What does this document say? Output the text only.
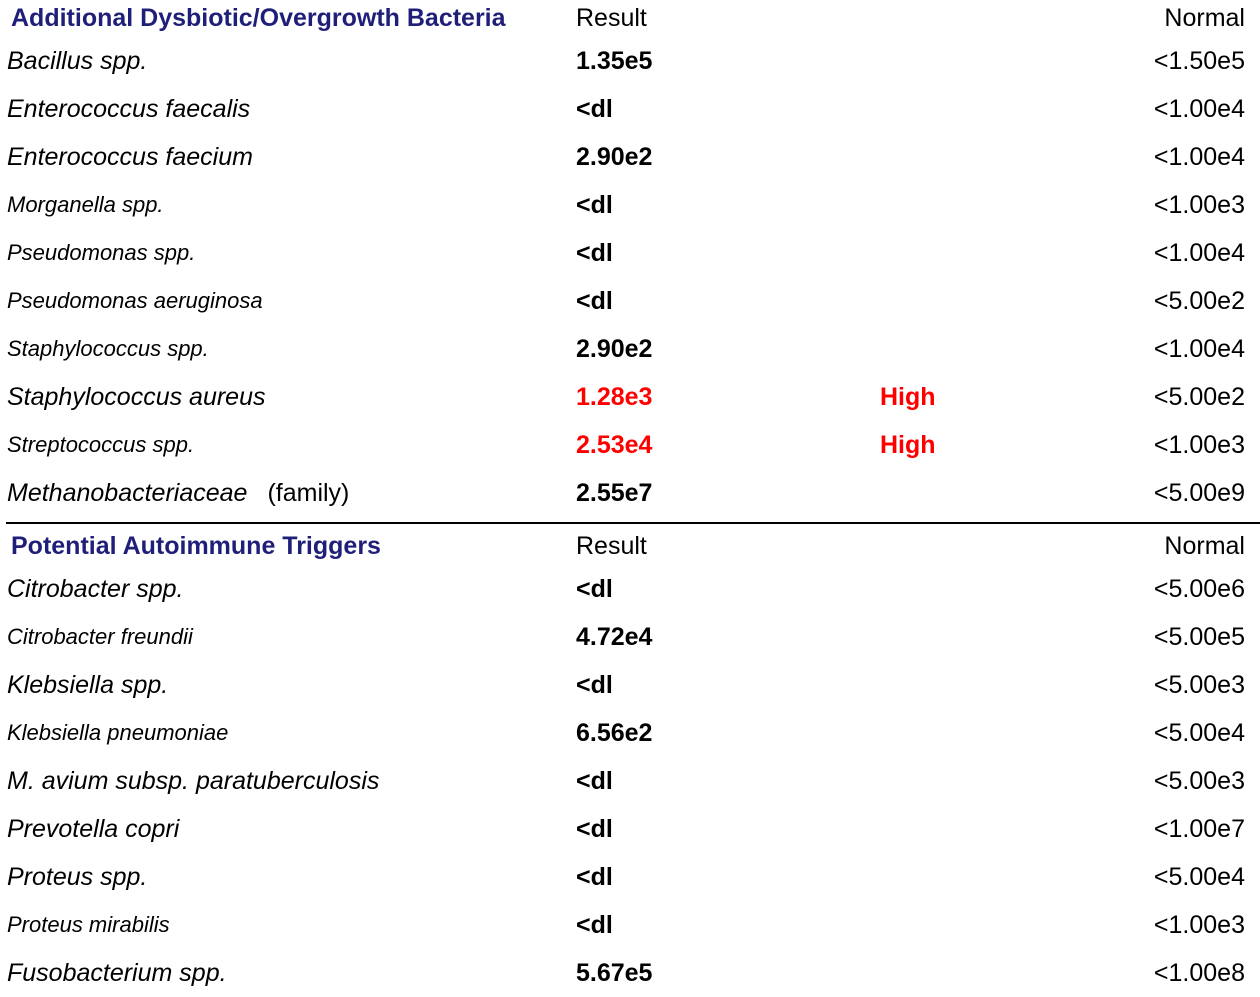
Additional Dysbiotic/Overgrowth Bacteria	Result	Normal
Bacillus spp.	1.35e5	<1.50e5
Enterococcus faecalis	<dl	<1.00e4
Enterococcus faecium	2.90e2	<1.00e4
Morganella spp.	<dl	<1.00e3
Pseudomonas spp.	<dl	<1.00e4
Pseudomonas aeruginosa	<dl	<5.00e2
Staphylococcus spp.	2.90e2	<1.00e4
Staphylococcus aureus	1.28e3	High	<5.00e2
Streptococcus spp.	2.53e4	High	<1.00e3
Methanobacteriaceae (family)	2.55e7	<5.00e9
Potential Autoimmune Triggers	Result	Normal
Citrobacter spp.	<dl	<5.00e6
Citrobacter freundii	4.72e4	<5.00e5
Klebsiella spp.	<dl	<5.00e3
Klebsiella pneumoniae	6.56e2	<5.00e4
M. avium subsp. paratuberculosis	<dl	<5.00e3
Prevotella copri	<dl	<1.00e7
Proteus spp.	<dl	<5.00e4
Proteus mirabilis	<dl	<1.00e3
Fusobacterium spp.	5.67e5	<1.00e8
